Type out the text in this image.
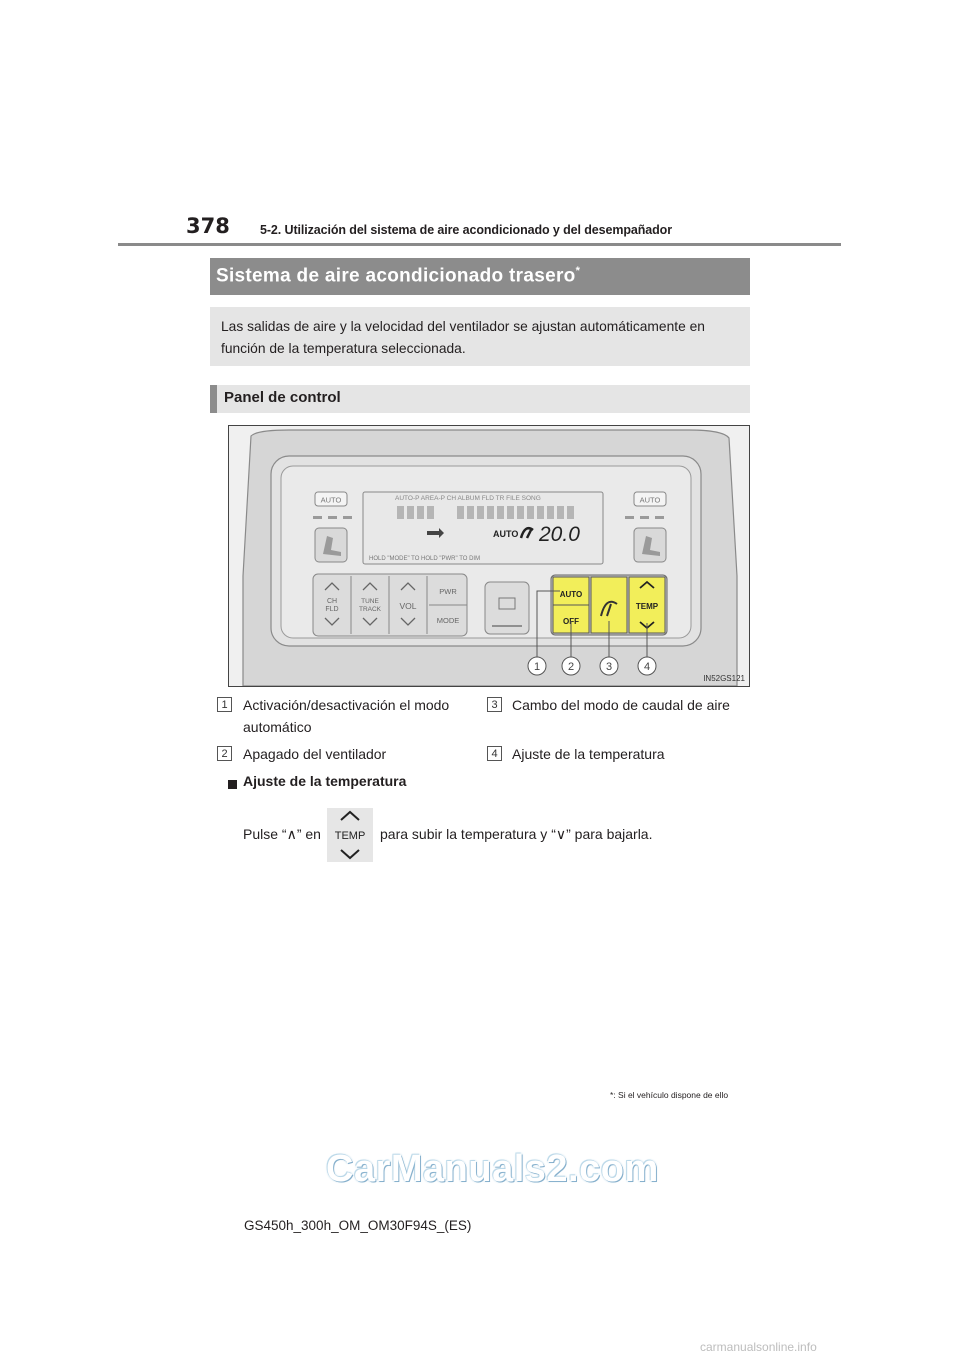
378 5-2. Utilización del sistema de aire acondicionado y del desempañador
Sistema de aire acondicionado trasero*
Las salidas de aire y la velocidad del ventilador se ajustan automáticamente en función de la temperatura seleccionada.
Panel de control
AUTO	AUTO
AUTO-P AREA-P CH ALBUM FLD TR FILE SONG
AUTO 20.0
HOLD "MODE" TO HOLD "PWR" TO DIM
CH
FLD
TUNE
TRACK VOL
PWR
MODE
AUTO
OFF
TEMP
1	2	3	4
IN52GS121
1	Activación/desactivación el modo automático
2	Apagado del ventilador
3	Cambo del modo de caudal de aire
4	Ajuste de la temperatura
Ajuste de la temperatura
Pulse “∧” en TEMP para subir la temperatura y “∨” para bajarla.
*: Si el vehículo dispone de ello
CarManuals2.com
GS450h_300h_OM_OM30F94S_(ES)
carmanualsonline.info
